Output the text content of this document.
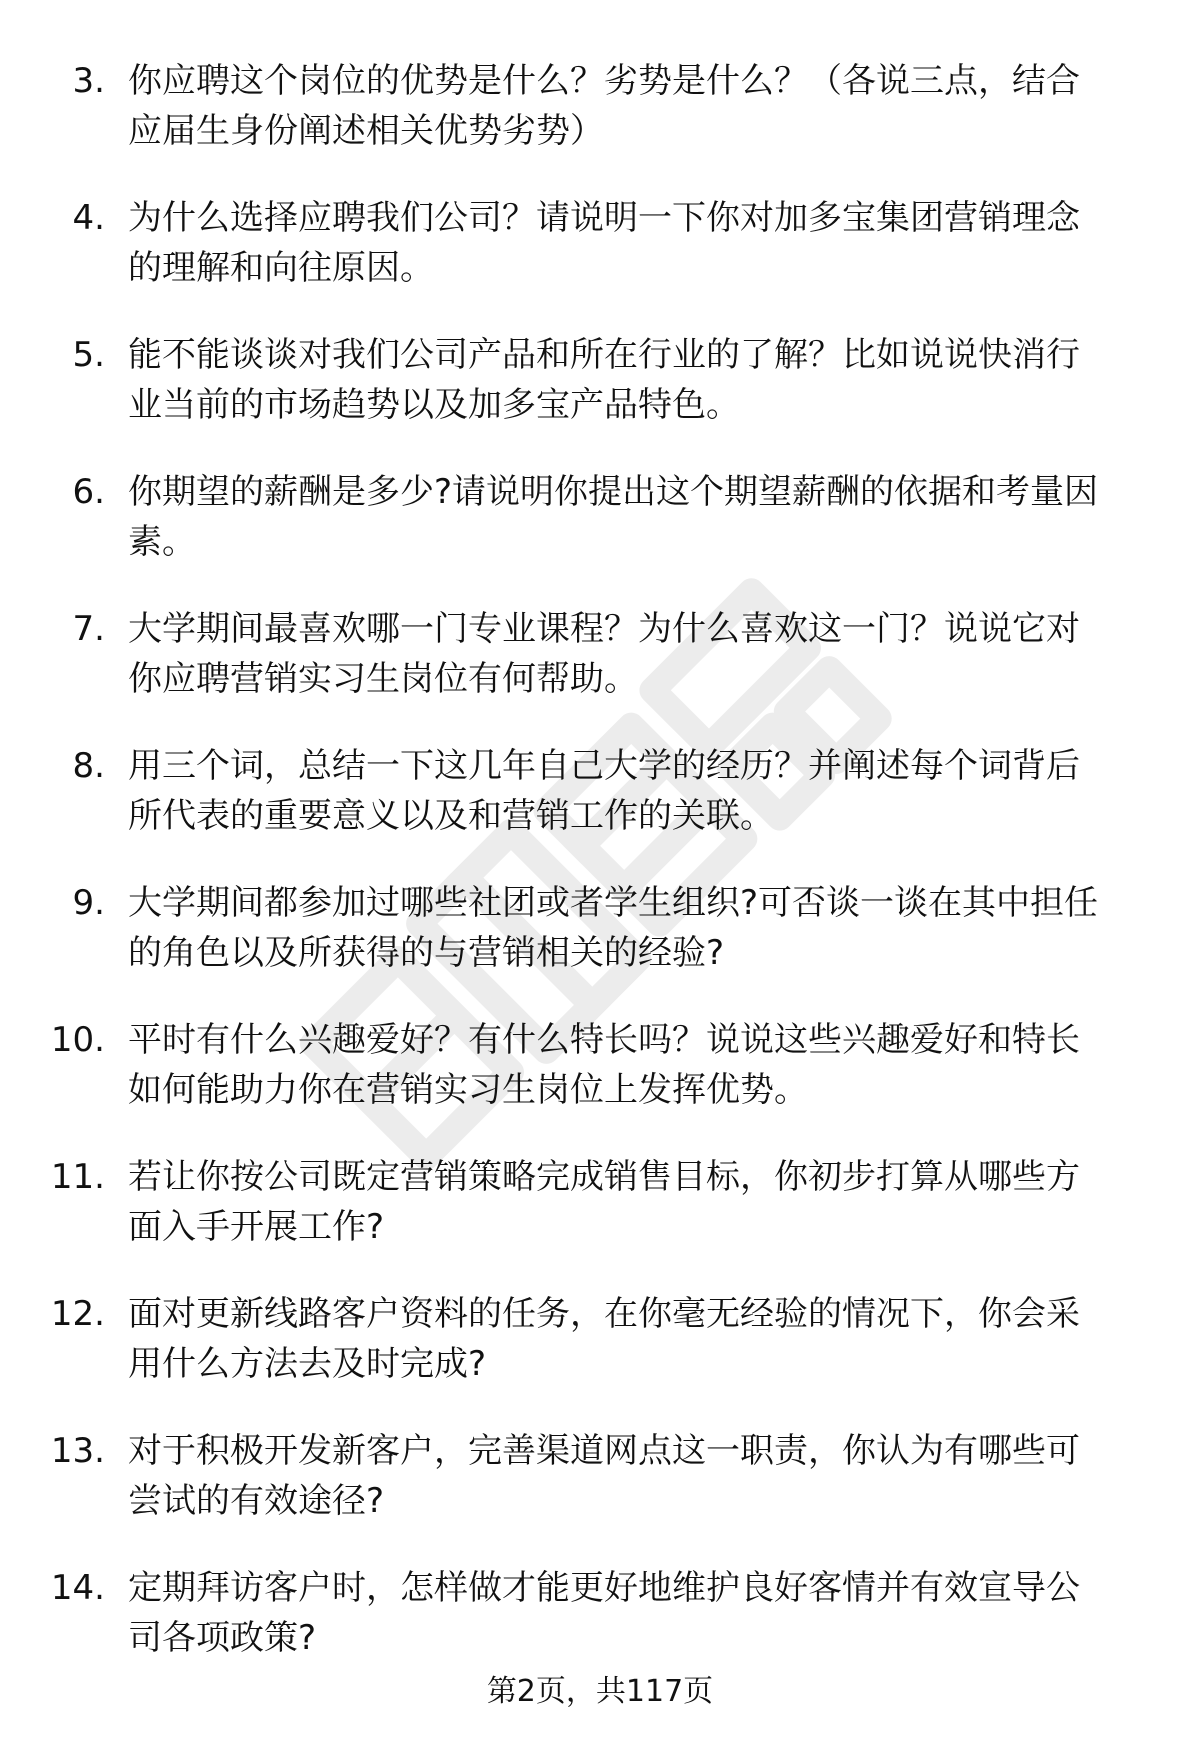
3. 你应聘这个岗位的优势是什么？劣势是什么？（各说三点，结合
应届生身份阐述相关优势劣势）
4. 为什么选择应聘我们公司？请说明一下你对加多宝集团营销理念
的理解和向往原因。
5. 能不能谈谈对我们公司产品和所在行业的了解？比如说说快消行
业当前的市场趋势以及加多宝产品特色。
6. 你期望的薪酬是多少?请说明你提出这个期望薪酬的依据和考量因
素。
7. 大学期间最喜欢哪一门专业课程？为什么喜欢这一门？说说它对
你应聘营销实习生岗位有何帮助。
8. 用三个词，总结一下这几年自己大学的经历？并阐述每个词背后
所代表的重要意义以及和营销工作的关联。
9. 大学期间都参加过哪些社团或者学生组织?可否谈一谈在其中担任
的角色以及所获得的与营销相关的经验?
10. 平时有什么兴趣爱好？有什么特长吗？说说这些兴趣爱好和特长
如何能助力你在营销实习生岗位上发挥优势。
11. 若让你按公司既定营销策略完成销售目标，你初步打算从哪些方
面入手开展工作?
12. 面对更新线路客户资料的任务，在你毫无经验的情况下，你会采
用什么方法去及时完成?
13. 对于积极开发新客户，完善渠道网点这一职责，你认为有哪些可
尝试的有效途径?
14. 定期拜访客户时，怎样做才能更好地维护良好客情并有效宣导公
司各项政策?
第2页，共117页
